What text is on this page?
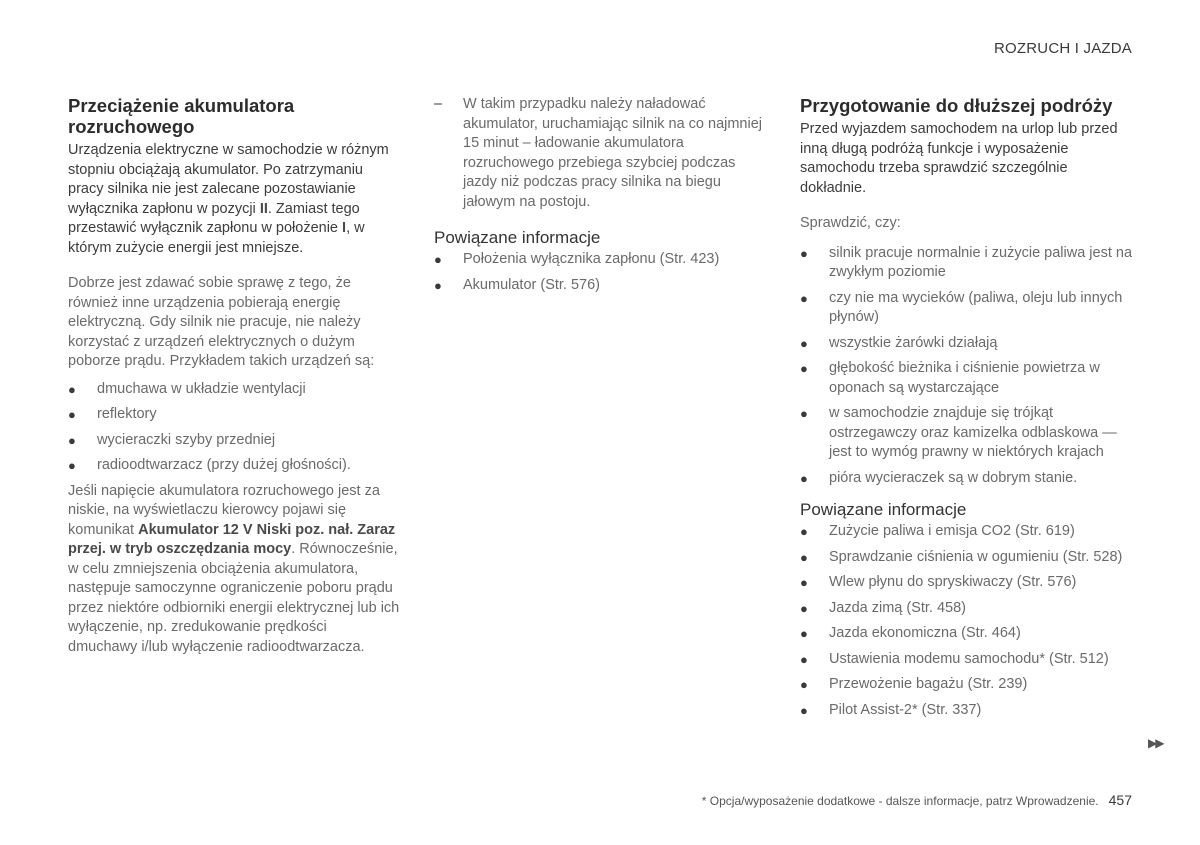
ROZRUCH I JAZDA
Przeciążenie akumulatora rozruchowego

Urządzenia elektryczne w samochodzie w różnym stopniu obciążają akumulator. Po zatrzymaniu pracy silnika nie jest zalecane pozostawianie wyłącznika zapłonu w pozycji II. Zamiast tego przestawić wyłącznik zapłonu w położenie I, w którym zużycie energii jest mniejsze.

Dobrze jest zdawać sobie sprawę z tego, że również inne urządzenia pobierają energię elektryczną. Gdy silnik nie pracuje, nie należy korzystać z urządzeń elektrycznych o dużym poborze prądu. Przykładem takich urządzeń są:

● dmuchawa w układzie wentylacji
● reflektory
● wycieraczki szyby przedniej
● radioodtwarzacz (przy dużej głośności).

Jeśli napięcie akumulatora rozruchowego jest za niskie, na wyświetlaczu kierowcy pojawi się komunikat Akumulator 12 V Niski poz. nał. Zaraz przej. w tryb oszczędzania mocy. Równocześnie, w celu zmniejszenia obciążenia akumulatora, następuje samoczynne ograniczenie poboru prądu przez niektóre odbiorniki energii elektrycznej lub ich wyłączenie, np. zredukowanie prędkości dmuchawy i/lub wyłączenie radioodtwarzacza.

– W takim przypadku należy naładować akumulator, uruchamiając silnik na co najmniej 15 minut – ładowanie akumulatora rozruchowego przebiega szybciej podczas jazdy niż podczas pracy silnika na biegu jałowym na postoju.
Powiązane informacje
● Położenia wyłącznika zapłonu (Str. 423)
● Akumulator (Str. 576)
Przygotowanie do dłuższej podróży

Przed wyjazdem samochodem na urlop lub przed inną długą podróżą funkcje i wyposażenie samochodu trzeba sprawdzić szczególnie dokładnie.

Sprawdzić, czy:

● silnik pracuje normalnie i zużycie paliwa jest na zwykłym poziomie
● czy nie ma wycieków (paliwa, oleju lub innych płynów)
● wszystkie żarówki działają
● głębokość bieżnika i ciśnienie powietrza w oponach są wystarczające
● w samochodzie znajduje się trójkąt ostrzegawczy oraz kamizelka odblaskowa — jest to wymóg prawny w niektórych krajach
● pióra wycieraczek są w dobrym stanie.
Powiązane informacje
● Zużycie paliwa i emisja CO2 (Str. 619)
● Sprawdzanie ciśnienia w ogumieniu (Str. 528)
● Wlew płynu do spryskiwaczy (Str. 576)
● Jazda zimą (Str. 458)
● Jazda ekonomiczna (Str. 464)
● Ustawienia modemu samochodu* (Str. 512)
● Przewożenie bagażu (Str. 239)
● Pilot Assist-2* (Str. 337)
▶▶
* Opcja/wyposażenie dodatkowe - dalsze informacje, patrz Wprowadzenie. 457
